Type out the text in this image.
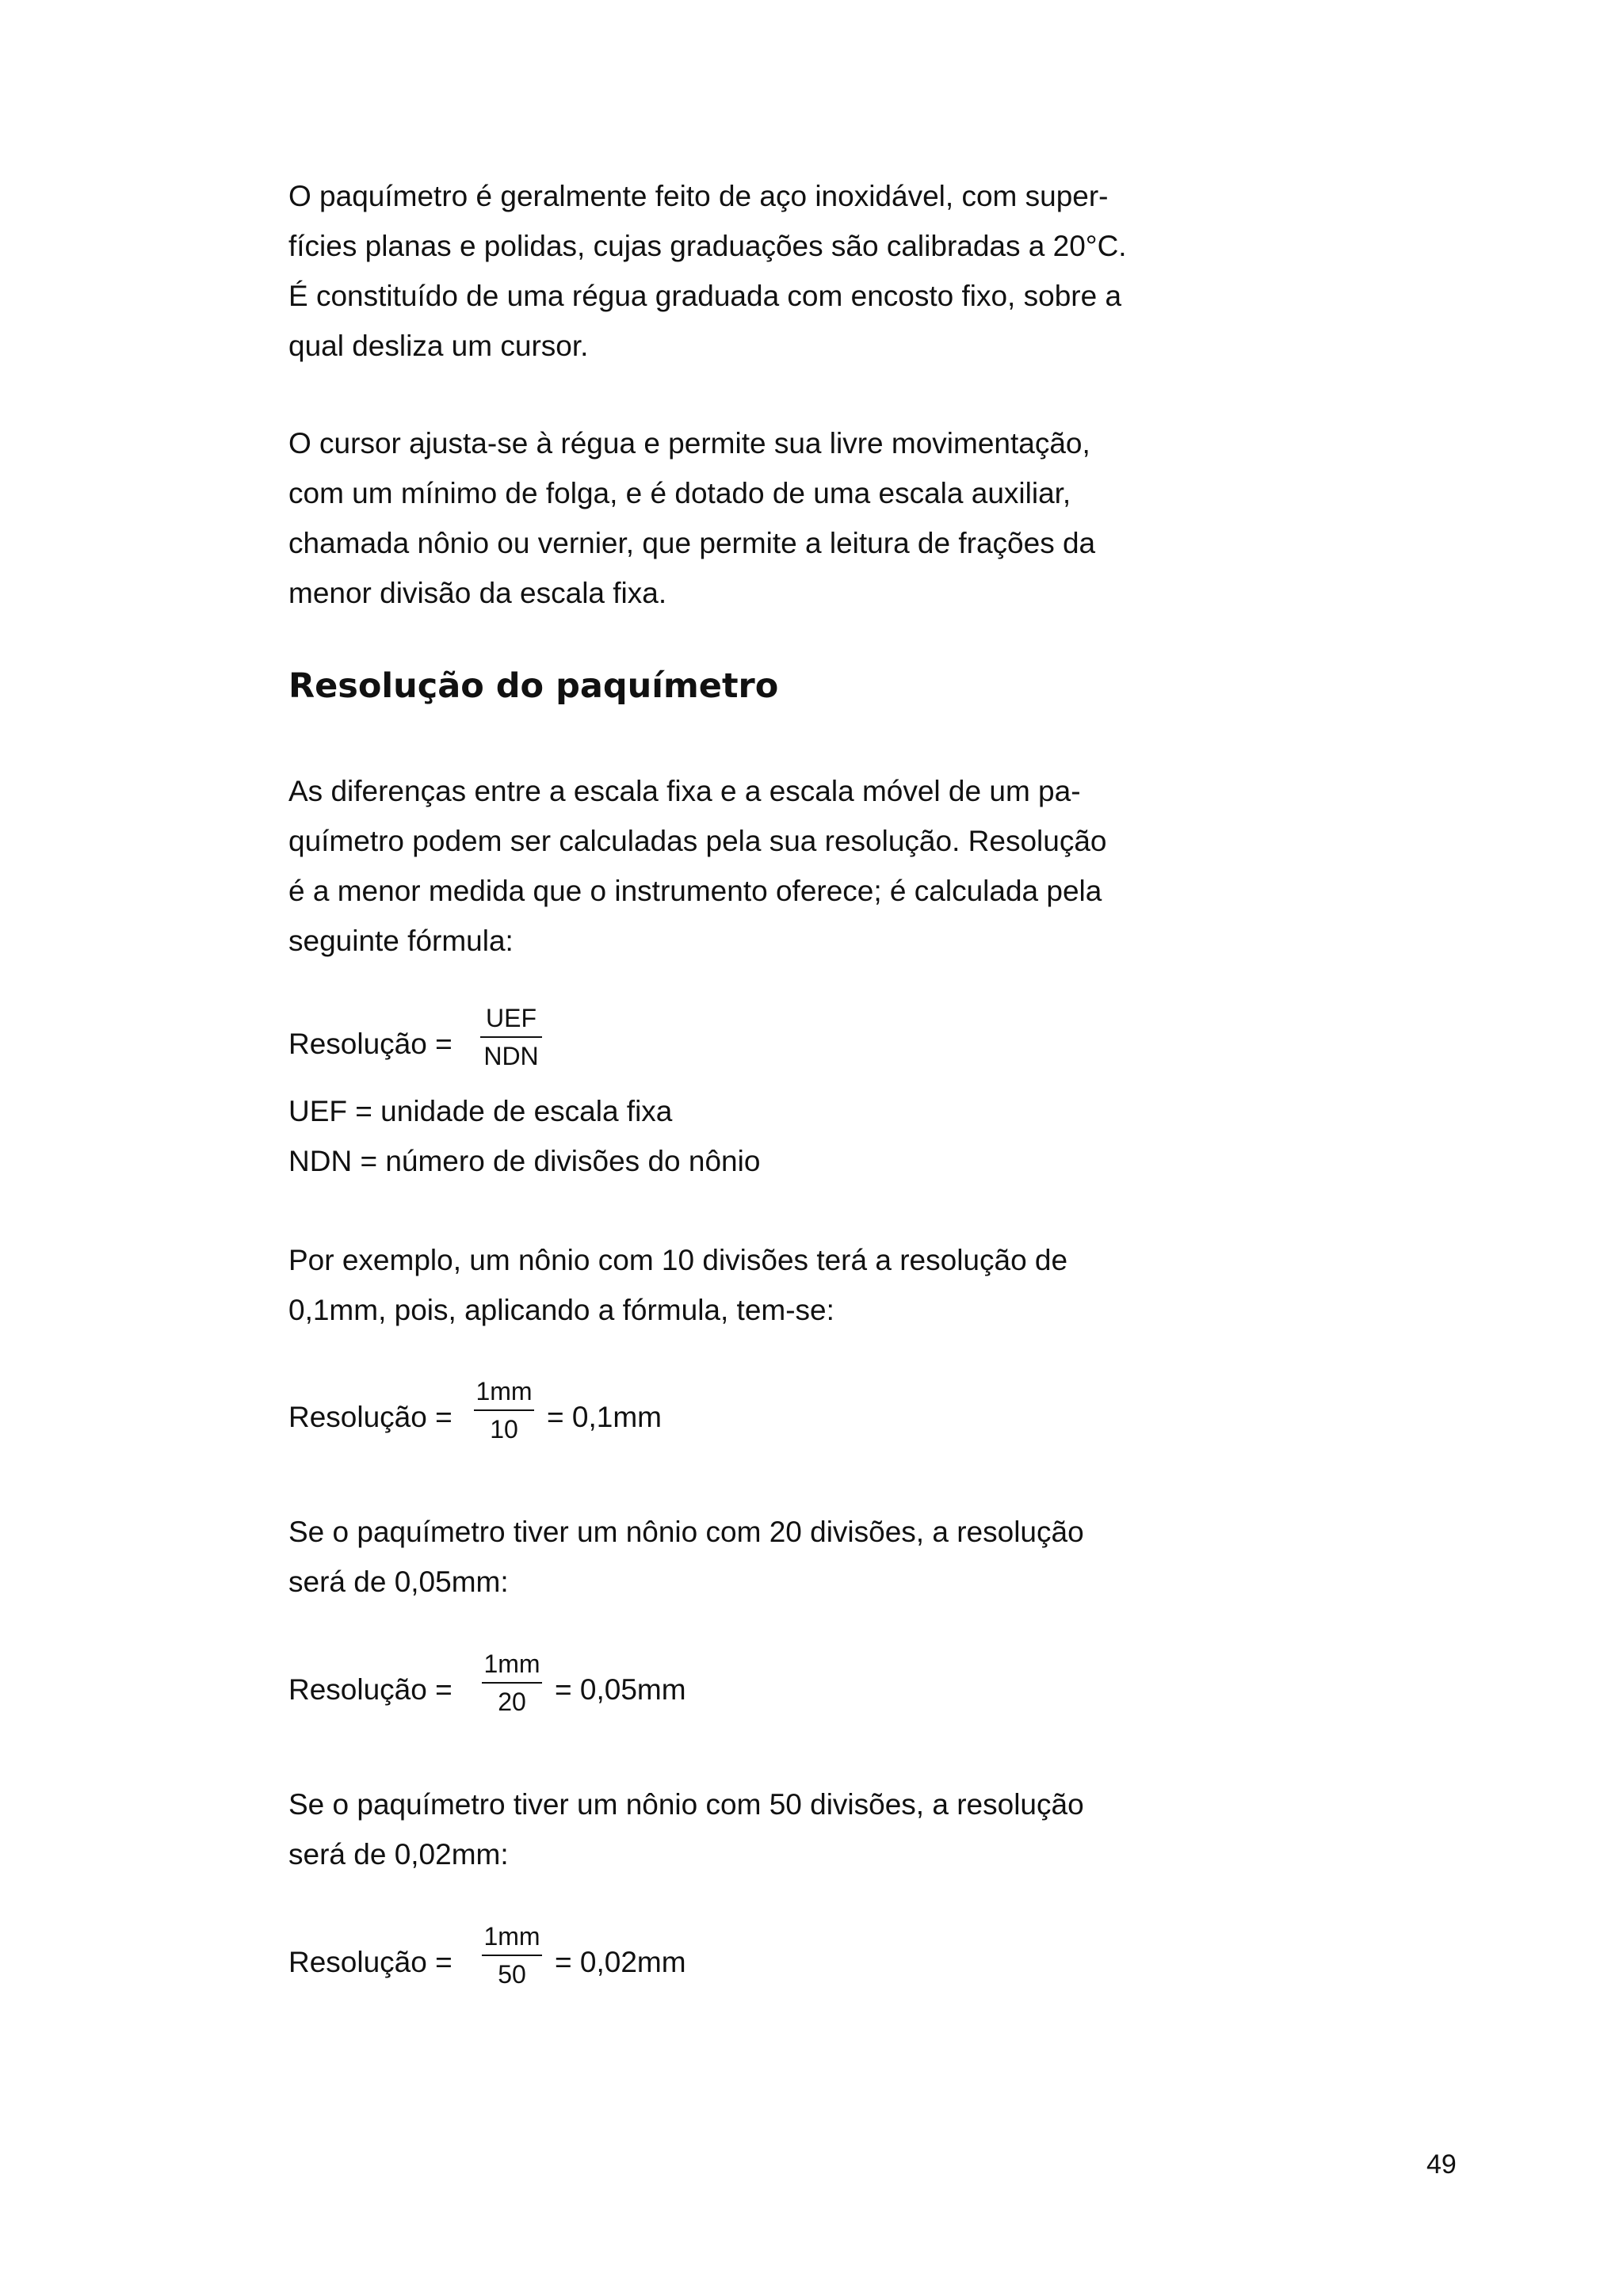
O paquímetro é geralmente feito de aço inoxidável, com super-
fícies planas e polidas, cujas graduações são calibradas a 20°C.
É constituído de uma régua graduada com encosto fixo, sobre a
qual desliza um cursor.
O cursor ajusta-se à régua e permite sua livre movimentação,
com um mínimo de folga, e é dotado de uma escala auxiliar,
chamada nônio ou vernier, que permite a leitura de frações da
menor divisão da escala fixa.
Resolução do paquímetro
As diferenças entre a escala fixa e a escala móvel de um pa-
químetro podem ser calculadas pela sua resolução. Resolução
é a menor medida que o instrumento oferece; é calculada pela
seguinte fórmula:
Resolução =
UEF
NDN
UEF = unidade de escala fixa
NDN = número de divisões do nônio
Por exemplo, um nônio com 10 divisões terá a resolução de
0,1mm, pois, aplicando a fórmula, tem-se:
Resolução =
1mm
10 = 0,1mm
Se o paquímetro tiver um nônio com 20 divisões, a resolução
será de 0,05mm:
Resolução =
1mm
20 = 0,05mm
Se o paquímetro tiver um nônio com 50 divisões, a resolução
será de 0,02mm:
Resolução =
1mm
50 = 0,02mm
49
